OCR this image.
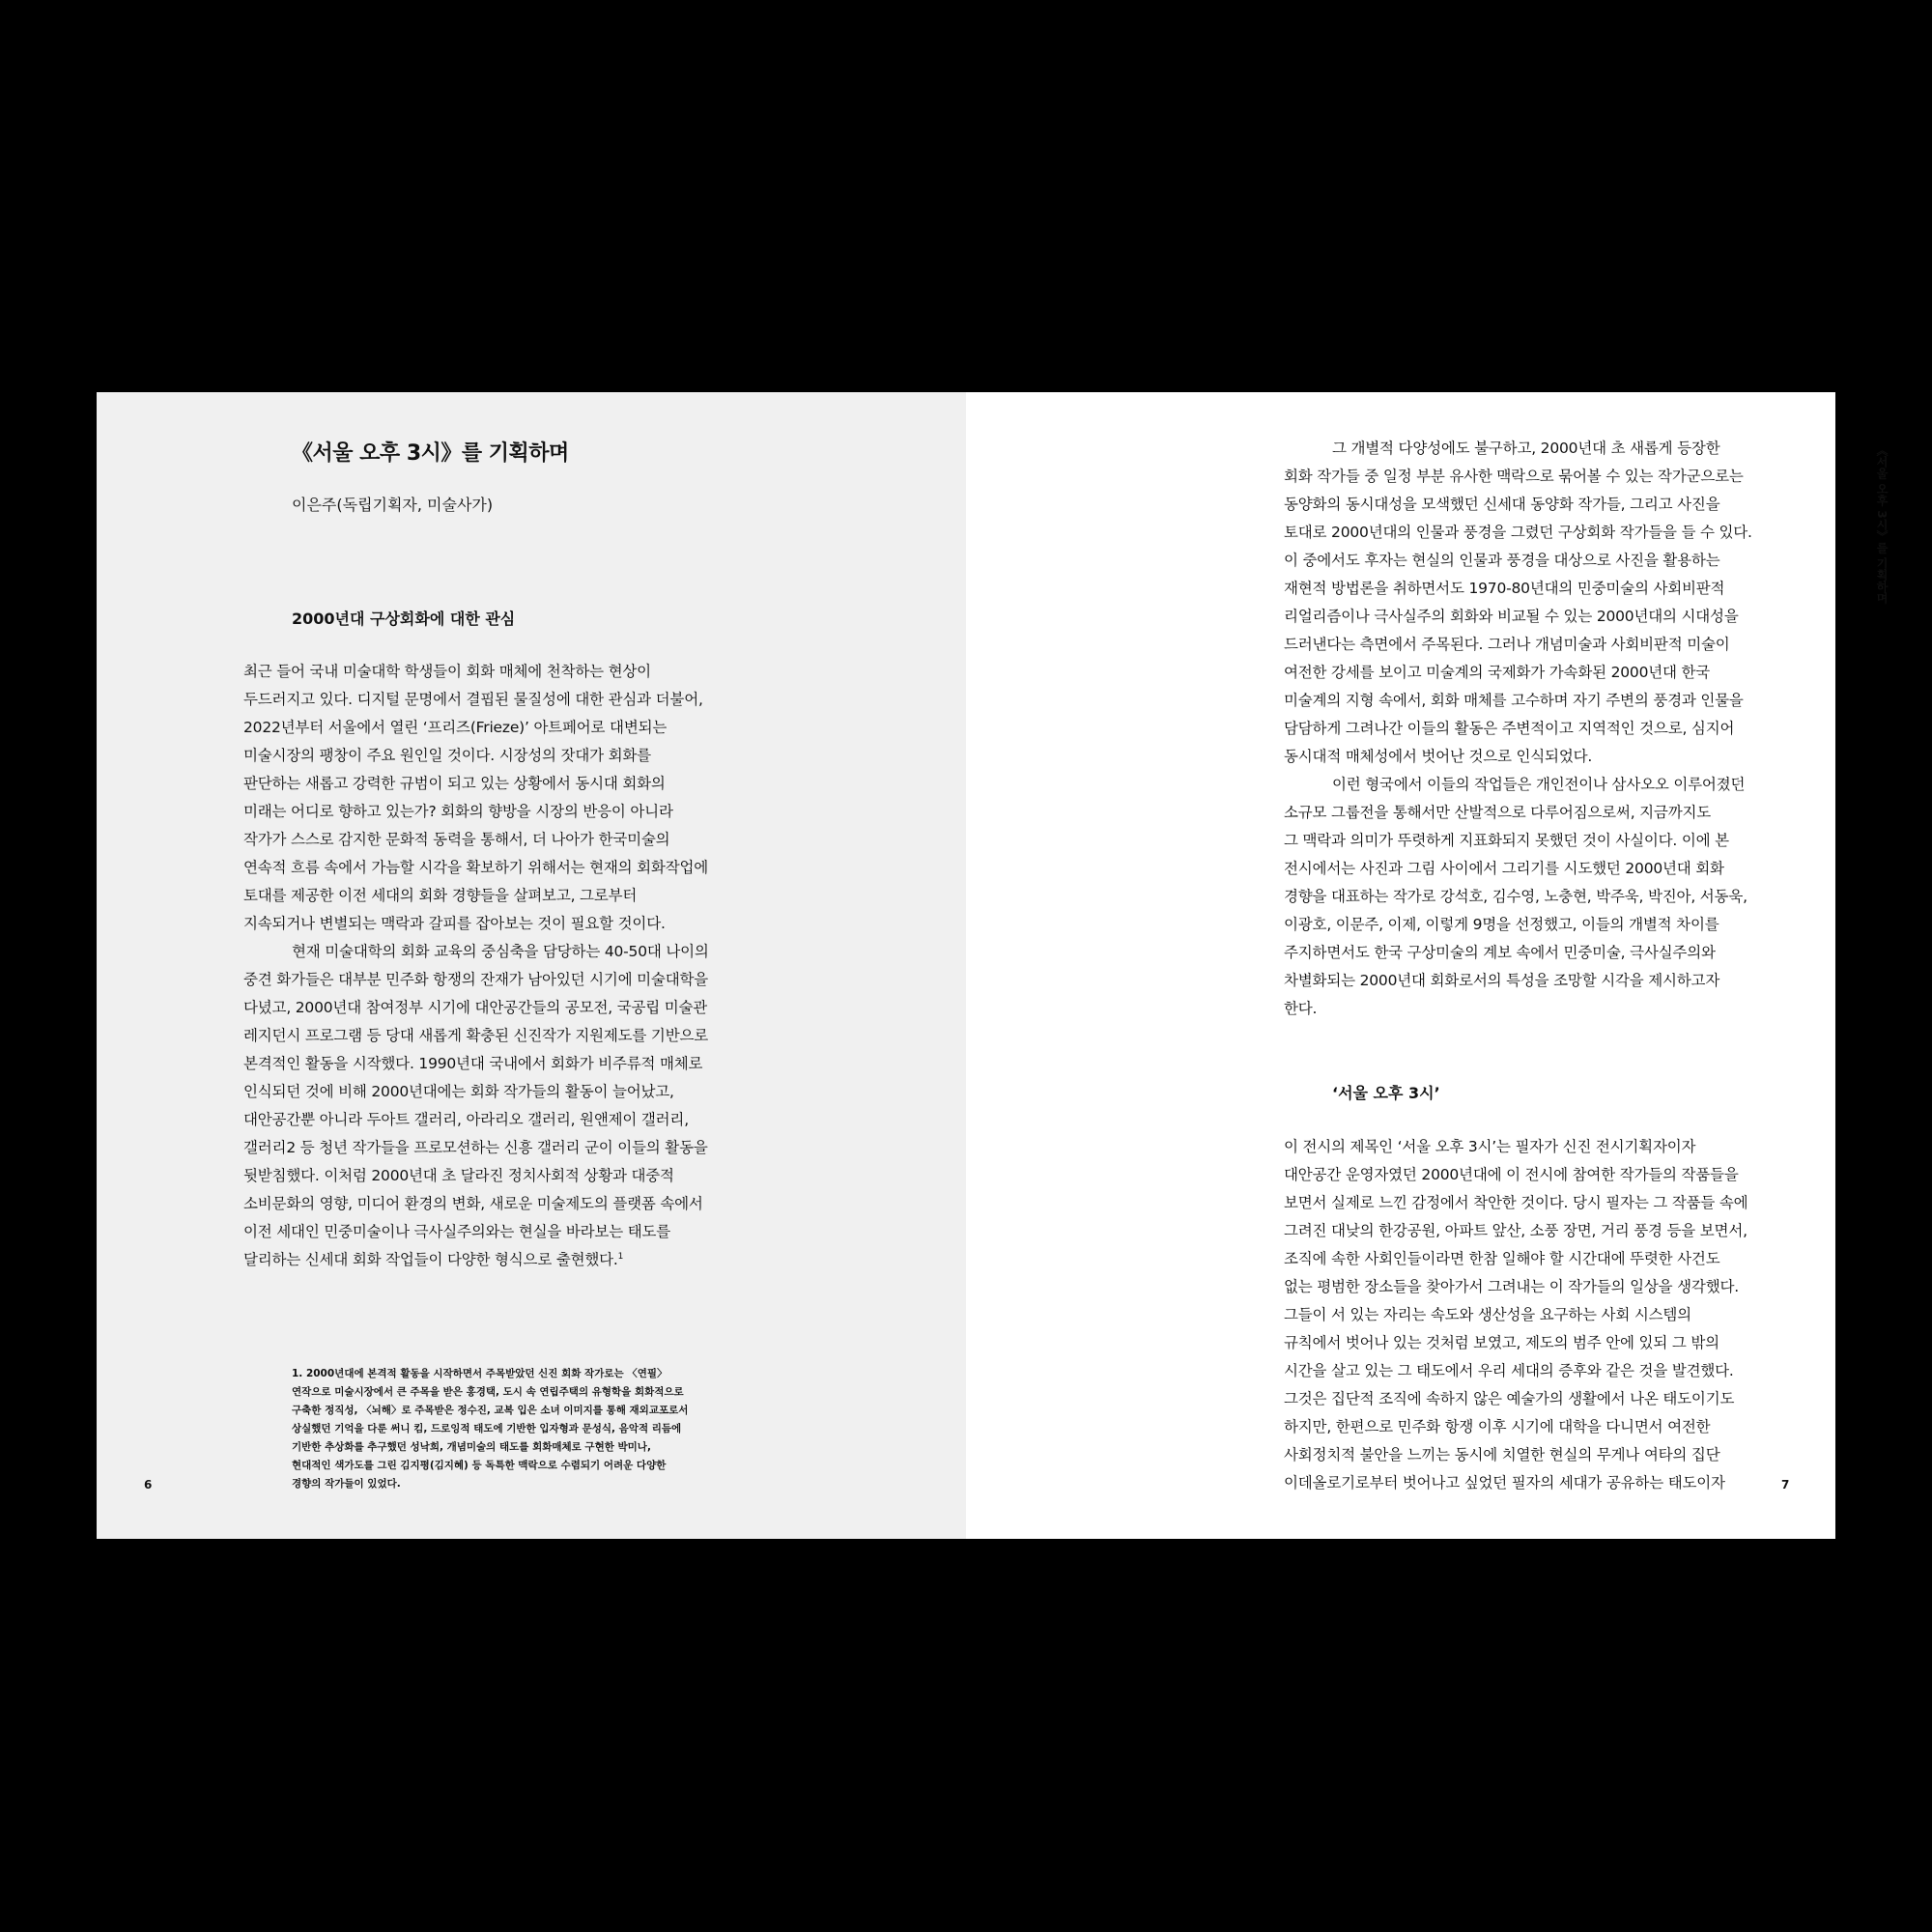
《서울 오후 3시》를 기획하며
이은주(독립기획자, 미술사가)
2000년대 구상회화에 대한 관심
최근 들어 국내 미술대학 학생들이 회화 매체에 천착하는 현상이
두드러지고 있다. 디지털 문명에서 결핍된 물질성에 대한 관심과 더불어,
2022년부터 서울에서 열린 ‘프리즈(Frieze)’ 아트페어로 대변되는
미술시장의 팽창이 주요 원인일 것이다. 시장성의 잣대가 회화를
판단하는 새롭고 강력한 규범이 되고 있는 상황에서 동시대 회화의
미래는 어디로 향하고 있는가? 회화의 향방을 시장의 반응이 아니라
작가가 스스로 감지한 문화적 동력을 통해서, 더 나아가 한국미술의
연속적 흐름 속에서 가늠할 시각을 확보하기 위해서는 현재의 회화작업에
토대를 제공한 이전 세대의 회화 경향들을 살펴보고, 그로부터
지속되거나 변별되는 맥락과 갈피를 잡아보는 것이 필요할 것이다.
현재 미술대학의 회화 교육의 중심축을 담당하는 40-50대 나이의
중견 화가들은 대부분 민주화 항쟁의 잔재가 남아있던 시기에 미술대학을
다녔고, 2000년대 참여정부 시기에 대안공간들의 공모전, 국공립 미술관
레지던시 프로그램 등 당대 새롭게 확충된 신진작가 지원제도를 기반으로
본격적인 활동을 시작했다. 1990년대 국내에서 회화가 비주류적 매체로
인식되던 것에 비해 2000년대에는 회화 작가들의 활동이 늘어났고,
대안공간뿐 아니라 두아트 갤러리, 아라리오 갤러리, 원앤제이 갤러리,
갤러리2 등 청년 작가들을 프로모션하는 신흥 갤러리 군이 이들의 활동을
뒷받침했다. 이처럼 2000년대 초 달라진 정치사회적 상황과 대중적
소비문화의 영향, 미디어 환경의 변화, 새로운 미술제도의 플랫폼 속에서
이전 세대인 민중미술이나 극사실주의와는 현실을 바라보는 태도를
달리하는 신세대 회화 작업들이 다양한 형식으로 출현했다.$^1$
1. 2000년대에 본격적 활동을 시작하면서 주목받았던 신진 회화 작가로는 〈연필〉
연작으로 미술시장에서 큰 주목을 받은 홍경택, 도시 속 연립주택의 유형학을 회화적으로
구축한 정직성, 〈뇌해〉로 주목받은 정수진, 교복 입은 소녀 이미지를 통해 재외교포로서
상실했던 기억을 다룬 써니 킴, 드로잉적 태도에 기반한 입자형과 문성식, 음악적 리듬에
기반한 추상화를 추구했던 성낙희, 개념미술의 태도를 회화매체로 구현한 박미나,
현대적인 색가도를 그린 김지평(김지혜) 등 독특한 맥락으로 수렴되기 어려운 다양한
경향의 작가들이 있었다.
6
그 개별적 다양성에도 불구하고, 2000년대 초 새롭게 등장한
회화 작가들 중 일정 부분 유사한 맥락으로 묶어볼 수 있는 작가군으로는
동양화의 동시대성을 모색했던 신세대 동양화 작가들, 그리고 사진을
토대로 2000년대의 인물과 풍경을 그렸던 구상회화 작가들을 들 수 있다.
이 중에서도 후자는 현실의 인물과 풍경을 대상으로 사진을 활용하는
재현적 방법론을 취하면서도 1970-80년대의 민중미술의 사회비판적
리얼리즘이나 극사실주의 회화와 비교될 수 있는 2000년대의 시대성을
드러낸다는 측면에서 주목된다. 그러나 개념미술과 사회비판적 미술이
여전한 강세를 보이고 미술계의 국제화가 가속화된 2000년대 한국
미술계의 지형 속에서, 회화 매체를 고수하며 자기 주변의 풍경과 인물을
담담하게 그려나간 이들의 활동은 주변적이고 지역적인 것으로, 심지어
동시대적 매체성에서 벗어난 것으로 인식되었다.
이런 형국에서 이들의 작업들은 개인전이나 삼사오오 이루어졌던
소규모 그룹전을 통해서만 산발적으로 다루어짐으로써, 지금까지도
그 맥락과 의미가 뚜렷하게 지표화되지 못했던 것이 사실이다. 이에 본
전시에서는 사진과 그림 사이에서 그리기를 시도했던 2000년대 회화
경향을 대표하는 작가로 강석호, 김수영, 노충현, 박주욱, 박진아, 서동욱,
이광호, 이문주, 이제, 이렇게 9명을 선정했고, 이들의 개별적 차이를
주지하면서도 한국 구상미술의 계보 속에서 민중미술, 극사실주의와
차별화되는 2000년대 회화로서의 특성을 조망할 시각을 제시하고자
한다.
‘서울 오후 3시’
이 전시의 제목인 ‘서울 오후 3시’는 필자가 신진 전시기획자이자
대안공간 운영자였던 2000년대에 이 전시에 참여한 작가들의 작품들을
보면서 실제로 느낀 감정에서 착안한 것이다. 당시 필자는 그 작품들 속에
그려진 대낮의 한강공원, 아파트 앞산, 소풍 장면, 거리 풍경 등을 보면서,
조직에 속한 사회인들이라면 한참 일해야 할 시간대에 뚜렷한 사건도
없는 평범한 장소들을 찾아가서 그려내는 이 작가들의 일상을 생각했다.
그들이 서 있는 자리는 속도와 생산성을 요구하는 사회 시스템의
규칙에서 벗어나 있는 것처럼 보였고, 제도의 범주 안에 있되 그 밖의
시간을 살고 있는 그 태도에서 우리 세대의 증후와 같은 것을 발견했다.
그것은 집단적 조직에 속하지 않은 예술가의 생활에서 나온 태도이기도
하지만, 한편으로 민주화 항쟁 이후 시기에 대학을 다니면서 여전한
사회정치적 불안을 느끼는 동시에 치열한 현실의 무게나 여타의 집단
이데올로기로부터 벗어나고 싶었던 필자의 세대가 공유하는 태도이자	7
《서울 오후 3시》를 기획하며
